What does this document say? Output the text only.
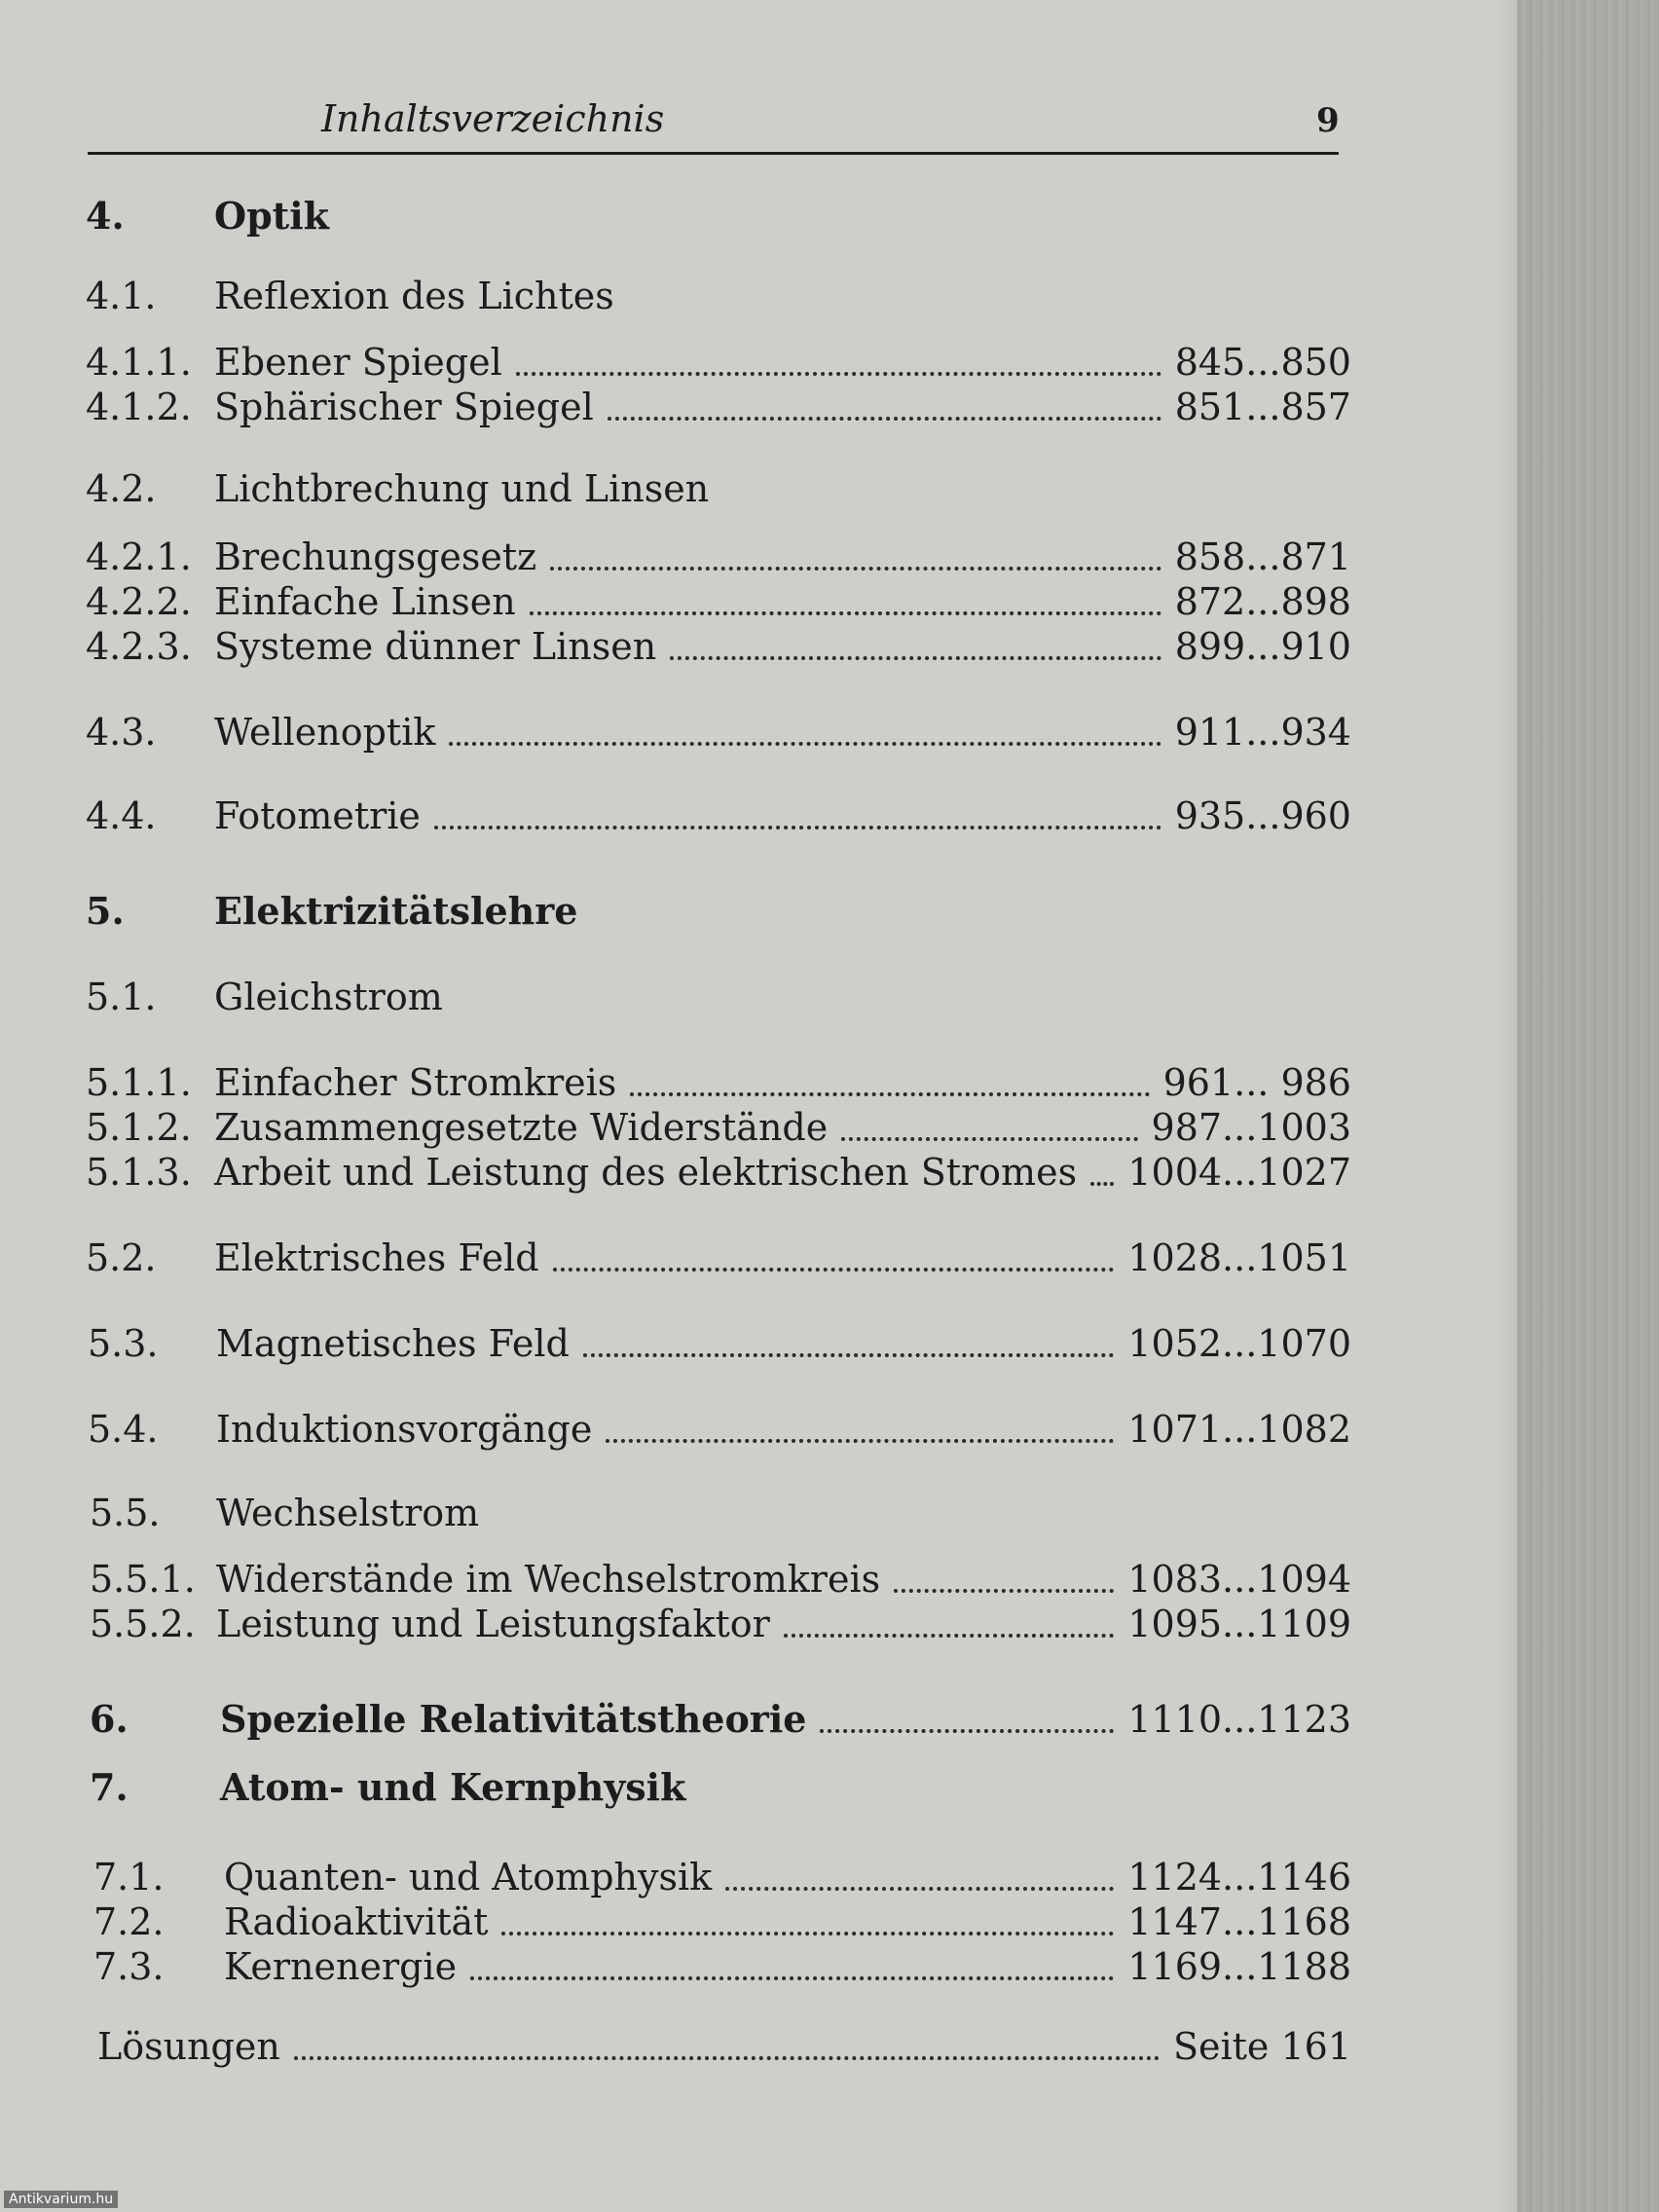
Inhaltsverzeichnis	9
4.	Optik
4.1.	Reflexion des Lichtes
4.1.1. Ebener Spiegel	845...850
4.1.2. Sphärischer Spiegel	851...857
4.2.	Lichtbrechung und Linsen
4.2.1. Brechungsgesetz	858...871
4.2.2. Einfache Linsen	872...898
4.2.3. Systeme dünner Linsen	899...910
4.3.	Wellenoptik	911...934
4.4.	Fotometrie	935...960
5.	Elektrizitätslehre
5.1.	Gleichstrom
5.1.1. Einfacher Stromkreis	961... 986
5.1.2. Zusammengesetzte Widerstände	987...1003
5.1.3. Arbeit und Leistung des elektrischen Stromes 1004...1027
5.2.	Elektrisches Feld	1028...1051
5.3.	Magnetisches Feld	1052...1070
5.4.	Induktionsvorgänge	1071...1082
5.5.	Wechselstrom
5.5.1. Widerstände im Wechselstromkreis	1083...1094
5.5.2. Leistung und Leistungsfaktor	1095...1109
6.	Spezielle Relativitätstheorie	1110...1123
7.	Atom- und Kernphysik
7.1.	Quanten- und Atomphysik	1124...1146
7.2.	Radioaktivität	1147...1168
7.3.	Kernenergie	1169...1188
Lösungen	Seite 161
Antikvarium.hu
